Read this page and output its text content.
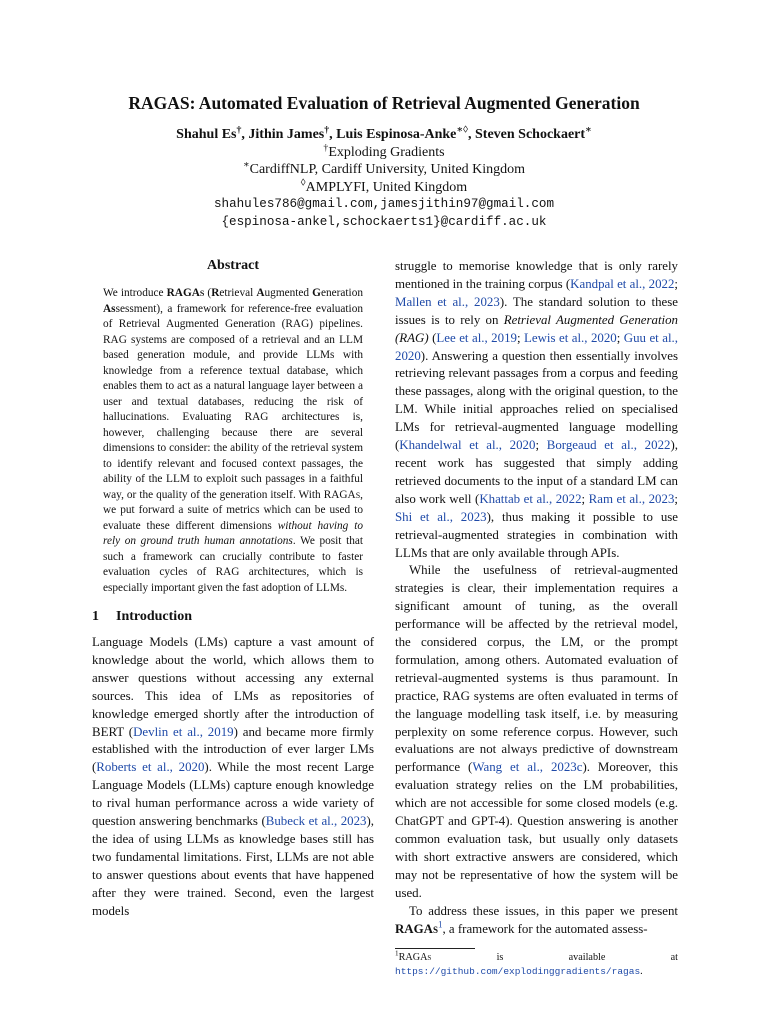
RAGAS: Automated Evaluation of Retrieval Augmented Generation
Shahul Es†, Jithin James†, Luis Espinosa-Anke∗◊, Steven Schockaert∗
†Exploding Gradients
∗CardiffNLP, Cardiff University, United Kingdom
◊AMPLYFI, United Kingdom
shahules786@gmail.com,jamesjithin97@gmail.com
{espinosa-ankel,schockaerts1}@cardiff.ac.uk
Abstract
We introduce RAGAs (Retrieval Augmented Generation Assessment), a framework for reference-free evaluation of Retrieval Augmented Generation (RAG) pipelines. RAG systems are composed of a retrieval and an LLM based generation module, and provide LLMs with knowledge from a reference textual database, which enables them to act as a natural language layer between a user and textual databases, reducing the risk of hallucinations. Evaluating RAG architectures is, however, challenging because there are several dimensions to consider: the ability of the retrieval system to identify relevant and focused context passages, the ability of the LLM to exploit such passages in a faithful way, or the quality of the generation itself. With RAGAs, we put forward a suite of metrics which can be used to evaluate these different dimensions without having to rely on ground truth human annotations. We posit that such a framework can crucially contribute to faster evaluation cycles of RAG architectures, which is especially important given the fast adoption of LLMs.
1 Introduction

Language Models (LMs) capture a vast amount of knowledge about the world, which allows them to answer questions without accessing any external sources. This idea of LMs as repositories of knowledge emerged shortly after the introduction of BERT (Devlin et al., 2019) and became more firmly established with the introduction of ever larger LMs (Roberts et al., 2020). While the most recent Large Language Models (LLMs) capture enough knowledge to rival human performance across a wide variety of question answering benchmarks (Bubeck et al., 2023), the idea of using LLMs as knowledge bases still has two fundamental limitations. First, LLMs are not able to answer questions about events that have happened after they were trained. Second, even the largest models

struggle to memorise knowledge that is only rarely mentioned in the training corpus (Kandpal et al., 2022; Mallen et al., 2023). The standard solution to these issues is to rely on Retrieval Augmented Generation (RAG) (Lee et al., 2019; Lewis et al., 2020; Guu et al., 2020). Answering a question then essentially involves retrieving relevant passages from a corpus and feeding these passages, along with the original question, to the LM. While initial approaches relied on specialised LMs for retrieval-augmented language modelling (Khandelwal et al., 2020; Borgeaud et al., 2022), recent work has suggested that simply adding retrieved documents to the input of a standard LM can also work well (Khattab et al., 2022; Ram et al., 2023; Shi et al., 2023), thus making it possible to use retrieval-augmented strategies in combination with LLMs that are only available through APIs.

While the usefulness of retrieval-augmented strategies is clear, their implementation requires a significant amount of tuning, as the overall performance will be affected by the retrieval model, the considered corpus, the LM, or the prompt formulation, among others. Automated evaluation of retrieval-augmented systems is thus paramount. In practice, RAG systems are often evaluated in terms of the language modelling task itself, i.e. by measuring perplexity on some reference corpus. However, such evaluations are not always predictive of downstream performance (Wang et al., 2023c). Moreover, this evaluation strategy relies on the LM probabilities, which are not accessible for some closed models (e.g. ChatGPT and GPT-4). Question answering is another common evaluation task, but usually only datasets with short extractive answers are considered, which may not be representative of how the system will be used.

To address these issues, in this paper we present RAGAs$^1$, a framework for the automated assess-

$^1$RAGAs is available at https://github.com/explodinggradients/ragas.
